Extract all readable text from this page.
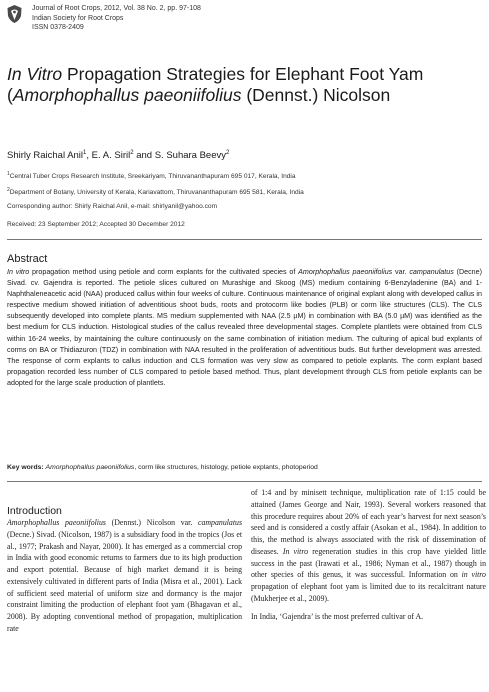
Journal of Root Crops, 2012, Vol. 38 No. 2, pp. 97-108
Indian Society for Root Crops
ISSN 0378-2409
In Vitro Propagation Strategies for Elephant Foot Yam (Amorphophallus paeoniifolius (Dennst.) Nicolson
Shirly Raichal Anil$^1$, E. A. Siril$^2$ and S. Suhara Beevy$^2$
$^1$Central Tuber Crops Research Institute, Sreekariyam, Thiruvananthapuram 695 017, Kerala, India
$^2$Department of Botany, University of Kerala, Kariavattom, Thiruvananthapuram 695 581, Kerala, India
Corresponding author: Shirly Raichal Anil, e-mail: shirlyanil@yahoo.com
Received: 23 September 2012; Accepted 30 December 2012
Abstract

In vitro propagation method using petiole and corm explants for the cultivated species of Amorphophallus paeoniifolius var. campanulatus (Decne) Sivad. cv. Gajendra is reported. The petiole slices cultured on Murashige and Skoog (MS) medium containing 6-Benzyladenine (BA) and 1-Naphthaleneacetic acid (NAA) produced callus within four weeks of culture. Continuous maintenance of original explant along with developed callus in respective medium showed initiation of adventitious shoot buds, roots and protocorm like bodies (PLB) or corm like structures (CLS). The CLS subsequently developed into complete plants. MS medium supplemented with NAA (2.5 µM) in combination with BA (5.0 µM) was identified as the best medium for CLS induction. Histological studies of the callus revealed three developmental stages. Complete plantlets were obtained from CLS within 16-24 weeks, by maintaining the culture continuously on the same combination of initiation medium. The culturing of apical bud explants of corms on BA or Thidiazuron (TDZ) in combination with NAA resulted in the proliferation of adventitious buds. But further development was arrested. The response of corm explants to callus induction and CLS formation was very slow as compared to petiole explants. The corm explant based propagation recorded less number of CLS compared to petiole based method. Thus, plant development through CLS from petiole explants can be adopted for the large scale production of plantlets.

Key words: Amorphophallus paeoniifolius, corm like structures, histology, petiole explants, photoperiod
Introduction

Amorphophallus paeoniifolius (Dennst.) Nicolson var. campanulatus (Decne.) Sivad. (Nicolson, 1987) is a subsidiary food in the tropics (Jos et al., 1977; Prakash and Nayar, 2000). It has emerged as a commercial crop in India with good economic returns to farmers due to its high production and export potential. Because of high market demand it is being extensively cultivated in different parts of India (Misra et al., 2001). Lack of sufficient seed material of uniform size and dormancy is the major constraint limiting the production of elephant foot yam (Bhagavan et al., 2008). By adopting conventional method of propagation, multiplication rate

of 1:4 and by minisett technique, multiplication rate of 1:15 could be attained (James George and Nair, 1993). Several workers reasoned that this procedure requires about 20% of each year’s harvest for next season’s seed and is considered a costly affair (Asokan et al., 1984). In addition to this, the method is always associated with the risk of dissemination of diseases. In vitro regeneration studies in this crop have yielded little success in the past (Irawati et al., 1986; Nyman et al., 1987) though in other species of this genus, it was successful. Information on in vitro propagation of elephant foot yam is limited due to its recalcitrant nature (Mukherjee et al., 2009).

In India, ‘Gajendra’ is the most preferred cultivar of A.
